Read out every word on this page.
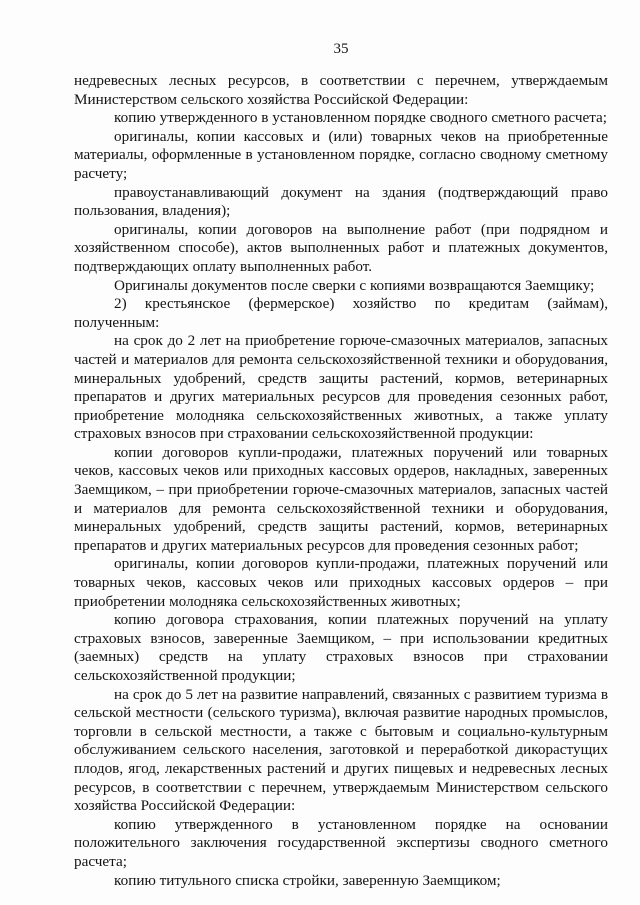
35

недревесных лесных ресурсов, в соответствии с перечнем, утверждаемым Министерством сельского хозяйства Российской Федерации:

копию утвержденного в установленном порядке сводного сметного расчета;

оригиналы, копии кассовых и (или) товарных чеков на приобретенные материалы, оформленные в установленном порядке, согласно сводному сметному расчету;

правоустанавливающий документ на здания (подтверждающий право пользования, владения);

оригиналы, копии договоров на выполнение работ (при подрядном и хозяйственном способе), актов выполненных работ и платежных документов, подтверждающих оплату выполненных работ.

Оригиналы документов после сверки с копиями возвращаются Заемщику;

2) крестьянское (фермерское) хозяйство по кредитам (займам), полученным:

на срок до 2 лет на приобретение горюче-смазочных материалов, запасных частей и материалов для ремонта сельскохозяйственной техники и оборудования, минеральных удобрений, средств защиты растений, кормов, ветеринарных препаратов и других материальных ресурсов для проведения сезонных работ, приобретение молодняка сельскохозяйственных животных, а также уплату страховых взносов при страховании сельскохозяйственной продукции:

копии договоров купли-продажи, платежных поручений или товарных чеков, кассовых чеков или приходных кассовых ордеров, накладных, заверенных Заемщиком, – при приобретении горюче-смазочных материалов, запасных частей и материалов для ремонта сельскохозяйственной техники и оборудования, минеральных удобрений, средств защиты растений, кормов, ветеринарных препаратов и других материальных ресурсов для проведения сезонных работ;

оригиналы, копии договоров купли-продажи, платежных поручений или товарных чеков, кассовых чеков или приходных кассовых ордеров – при приобретении молодняка сельскохозяйственных животных;

копию договора страхования, копии платежных поручений на уплату страховых взносов, заверенные Заемщиком, – при использовании кредитных (заемных) средств на уплату страховых взносов при страховании сельскохозяйственной продукции;

на срок до 5 лет на развитие направлений, связанных с развитием туризма в сельской местности (сельского туризма), включая развитие народных промыслов, торговли в сельской местности, а также с бытовым и социально-культурным обслуживанием сельского населения, заготовкой и переработкой дикорастущих плодов, ягод, лекарственных растений и других пищевых и недревесных лесных ресурсов, в соответствии с перечнем, утверждаемым Министерством сельского хозяйства Российской Федерации:

копию утвержденного в установленном порядке на основании положительного заключения государственной экспертизы сводного сметного расчета;

копию титульного списка стройки, заверенную Заемщиком;
